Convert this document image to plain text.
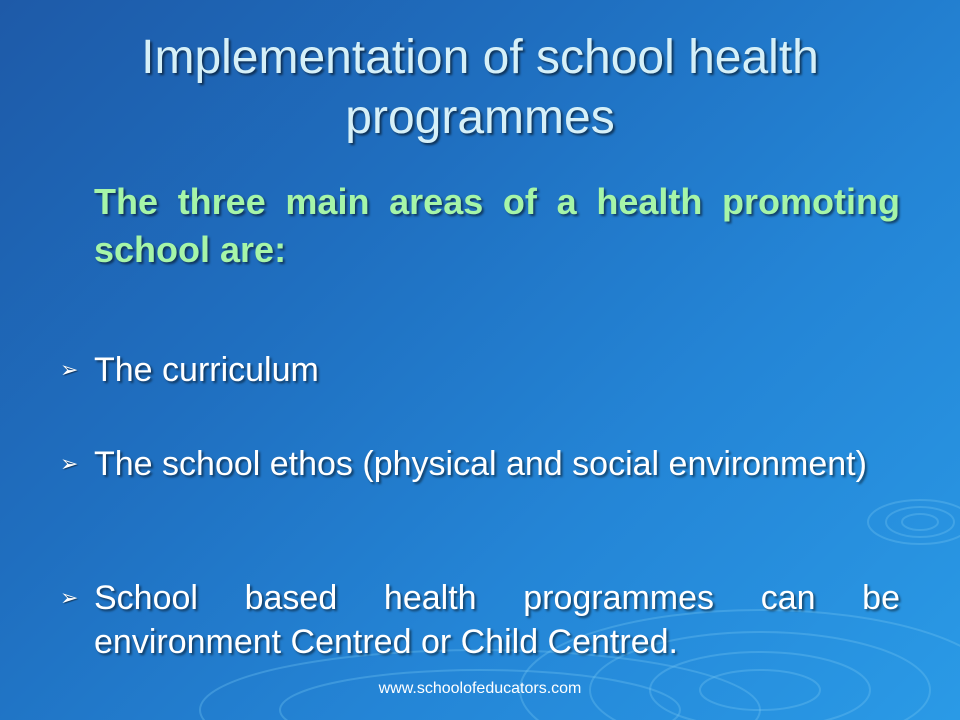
Implementation of school health programmes
The three main areas of a health promoting school are:
➢ The curriculum
➢ The school ethos (physical and social environment)
➢ School based health programmes can be environment Centred or Child Centred.
www.schoolofeducators.com
